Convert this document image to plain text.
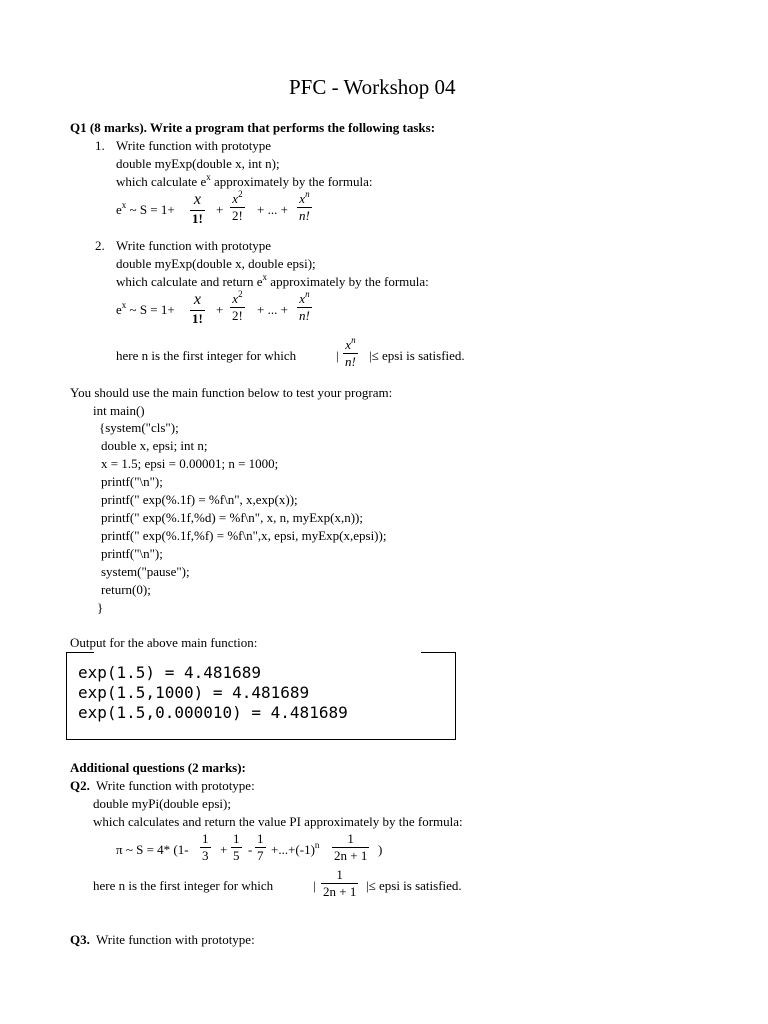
PFC - Workshop 04
Q1 (8 marks). Write a program that performs the following tasks:
1. Write function with prototype
double myExp(double x, int n);
which calculate $e^x$ approximately by the formula:
$e^x$ ~ S = 1+
x
1!
+
$x^2$
2! + ... +
$x^n$
n!
2. Write function with prototype
double myExp(double x, double epsi);
which calculate and return $e^x$ approximately by the formula:
$e^x$ ~ S = 1+
x
1!
+
$x^2$
2! + ... +
$x^n$
n!
here n is the first integer for which	|
$x^n$
n! |≤ epsi is satisfied.
You should use the main function below to test your program:
int main()
{system("cls");
double x, epsi; int n;
x = 1.5; epsi = 0.00001; n = 1000;
printf("\n");
printf(" exp(%.1f) = %f\n", x,exp(x));
printf(" exp(%.1f,%d) = %f\n", x, n, myExp(x,n));
printf(" exp(%.1f,%f) = %f\n",x, epsi, myExp(x,epsi));
printf("\n");
system("pause");
return(0);
}
Output for the above main function:
exp(1.5) = 4.481689
exp(1.5,1000) = 4.481689
exp(1.5,0.000010) = 4.481689
Additional questions (2 marks):
Q2. Write function with prototype:
double myPi(double epsi);
which calculates and return the value PI approximately by the formula:
π ~ S = 4* (1-
1
3 +
1
5 -
1
$7 +...+(-1)^n$ 1
2n + 1 )
here n is the first integer for which	|
1
2n + 1 |≤ epsi is satisfied.
Q3. Write function with prototype:
